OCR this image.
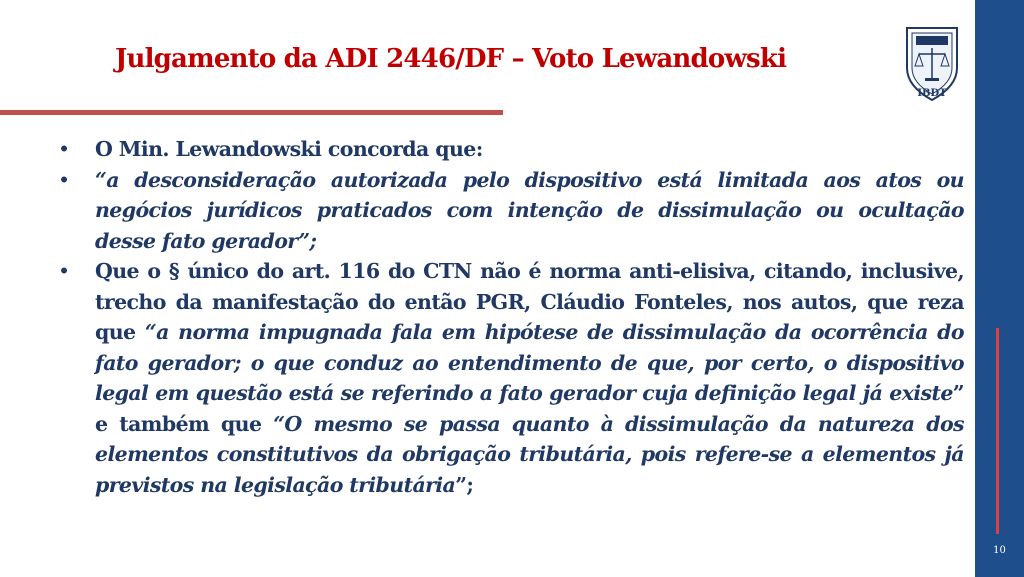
Julgamento da ADI 2446/DF – Voto Lewandowski
IBDT

• O Min. Lewandowski concorda que:

• “a desconsideração autorizada pelo dispositivo está limitada aos atos ou negócios jurídicos praticados com intenção de dissimulação ou ocultação desse fato gerador”;

• Que o § único do art. 116 do CTN não é norma anti-elisiva, citando, inclusive, trecho da manifestação do então PGR, Cláudio Fonteles, nos autos, que reza que “a norma impugnada fala em hipótese de dissimulação da ocorrência do fato gerador; o que conduz ao entendimento de que, por certo, o dispositivo legal em questão está se referindo a fato gerador cuja definição legal já existe” e também que “O mesmo se passa quanto à dissimulação da natureza dos elementos constitutivos da obrigação tributária, pois refere-se a elementos já previstos na legislação tributária”;

10
